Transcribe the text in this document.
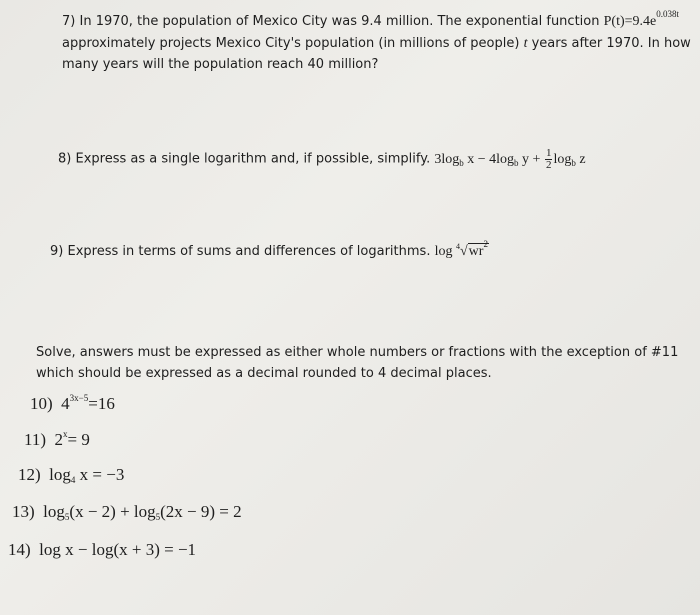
7) In 1970, the population of Mexico City was 9.4 million. The exponential function $P(t)=9.4e^{0.038t}$
approximately projects Mexico City's population (in millions of people) t years after 1970. In how
many years will the population reach 40 million?
8) Express as a single logarithm and, if possible, simplify. $3\log_b$ $x - 4\log_b$ $y + \frac{1}{2} \log_b z$
9) Express in terms of sums and differences of logarithms. $\log ^4√wr^2$
Solve, answers must be expressed as either whole numbers or fractions with the exception of #11
which should be expressed as a decimal rounded to 4 decimal places.
10) $4^{3x-5}=16$
11) $2^x= 9$
12) log4 x = −3
13) log5(x − 2) + log5(2x − 9) = 2
14) log x − log(x + 3) = −1
